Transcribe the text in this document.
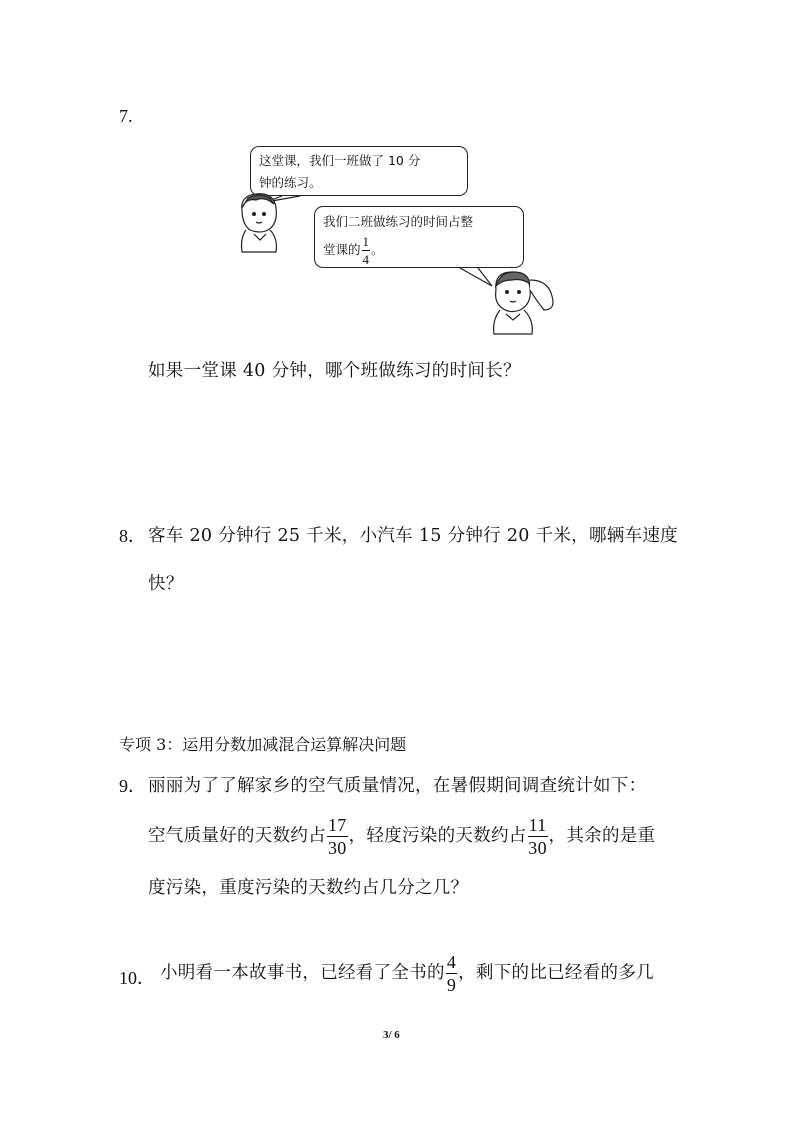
7.
这堂课，我们一班做了 10 分
钟的练习。
我们二班做练习的时间占整
堂课的 $\frac{1}{4}$ 。
如果一堂课 40 分钟，哪个班做练习的时间长？
8． 客车 20 分钟行 25 千米，小汽车 15 分钟行 20 千米，哪辆车速度
快？
专项 3：运用分数加减混合运算解决问题
9． 丽丽为了了解家乡的空气质量情况，在暑假期间调查统计如下：
空气质量好的天数约占 $\frac{17}{30}$ ，轻度污染的天数约占 $\frac{11}{30}$ ，其余的是重
度污染，重度污染的天数约占几分之几？
10． 小明看一本故事书，已经看了全书的 $\frac{4}{9}$ ，剩下的比已经看的多几
3/ 6
